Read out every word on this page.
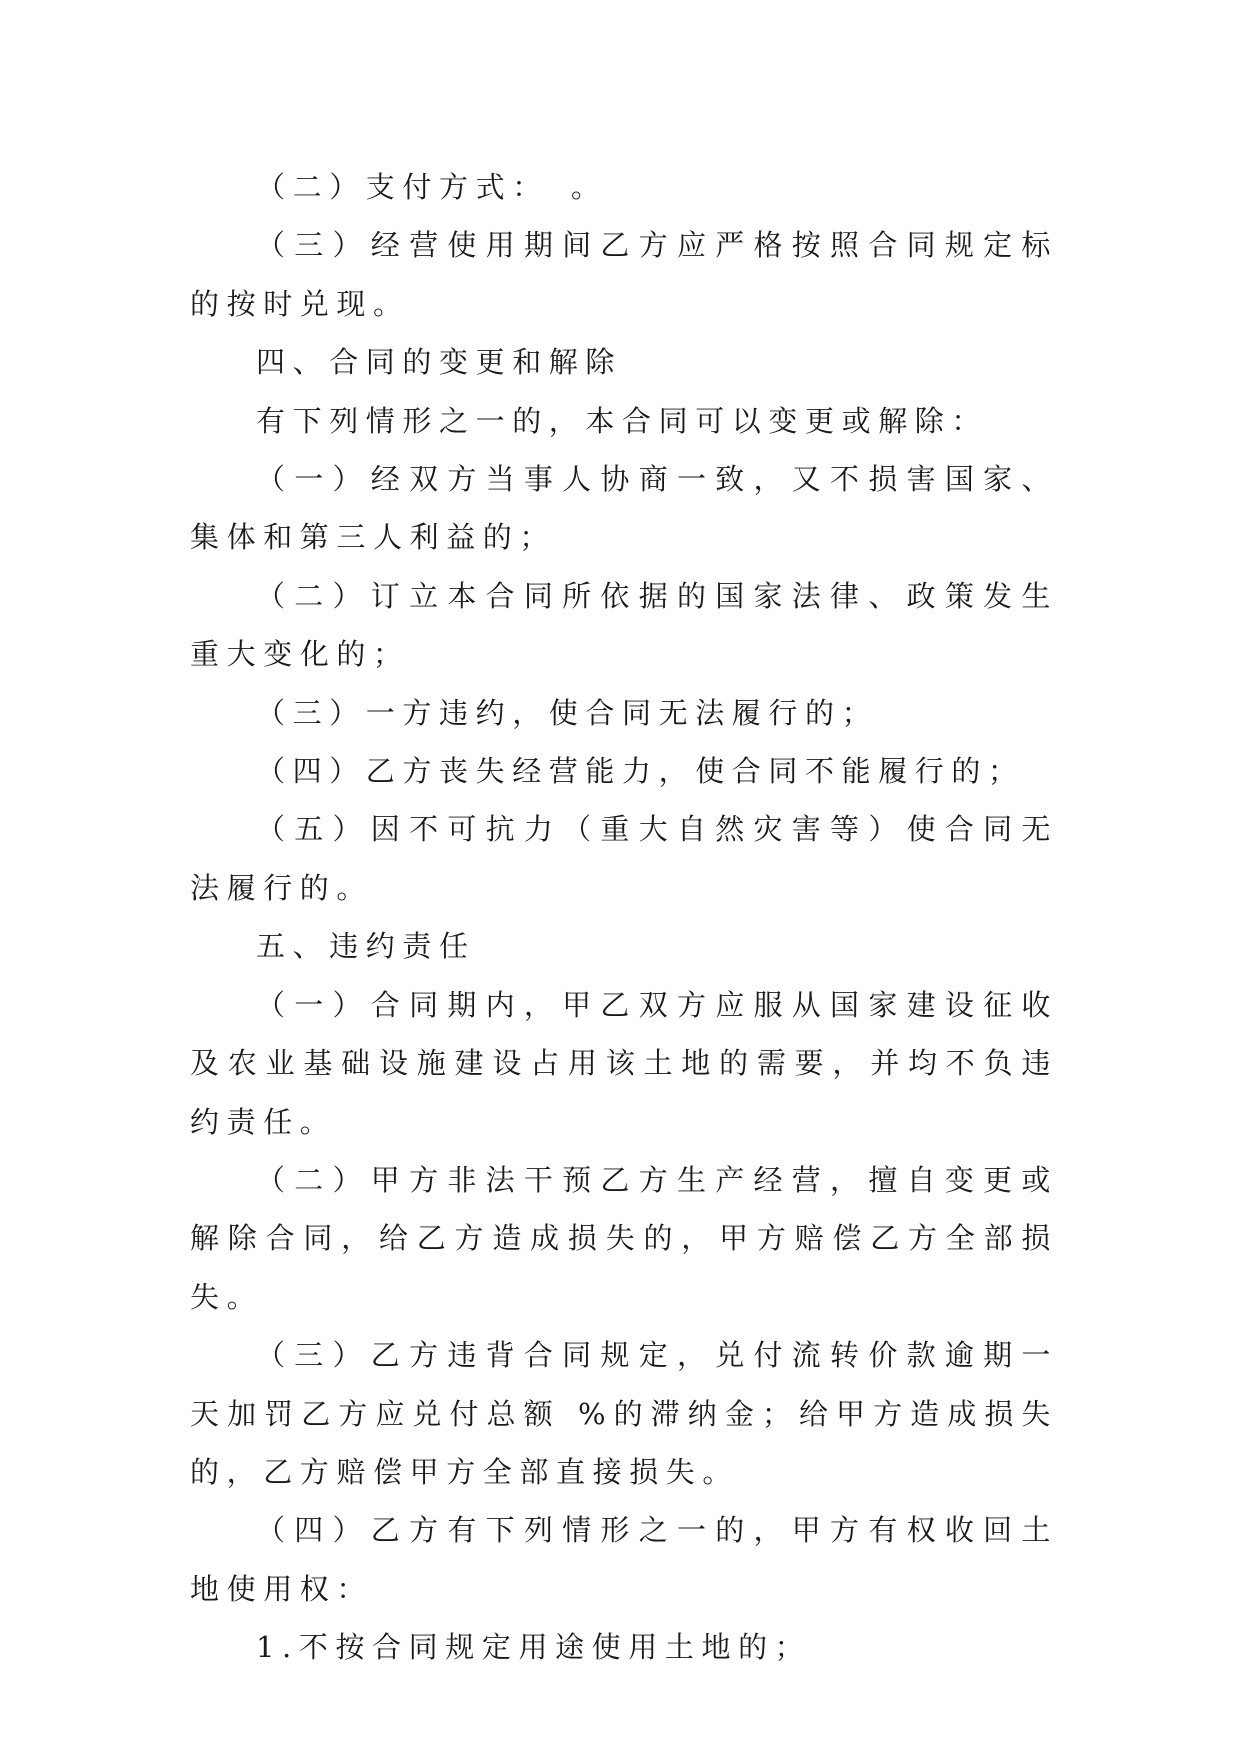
（二）支付方式：　。

（三）经营使用期间乙方应严格按照合同规定标的按时兑现。

四、合同的变更和解除

有下列情形之一的，本合同可以变更或解除：

（一）经双方当事人协商一致，又不损害国家、集体和第三人利益的；

（二）订立本合同所依据的国家法律、政策发生重大变化的；

（三）一方违约，使合同无法履行的；

（四）乙方丧失经营能力，使合同不能履行的；

（五）因不可抗力（重大自然灾害等）使合同无法履行的。

五、违约责任

（一）合同期内，甲乙双方应服从国家建设征收及农业基础设施建设占用该土地的需要，并均不负违约责任。

（二）甲方非法干预乙方生产经营，擅自变更或解除合同，给乙方造成损失的，甲方赔偿乙方全部损失。

（三）乙方违背合同规定，兑付流转价款逾期一天加罚乙方应兑付总额 %的滞纳金；给甲方造成损失的，乙方赔偿甲方全部直接损失。

（四）乙方有下列情形之一的，甲方有权收回土地使用权：

1.不按合同规定用途使用土地的；
